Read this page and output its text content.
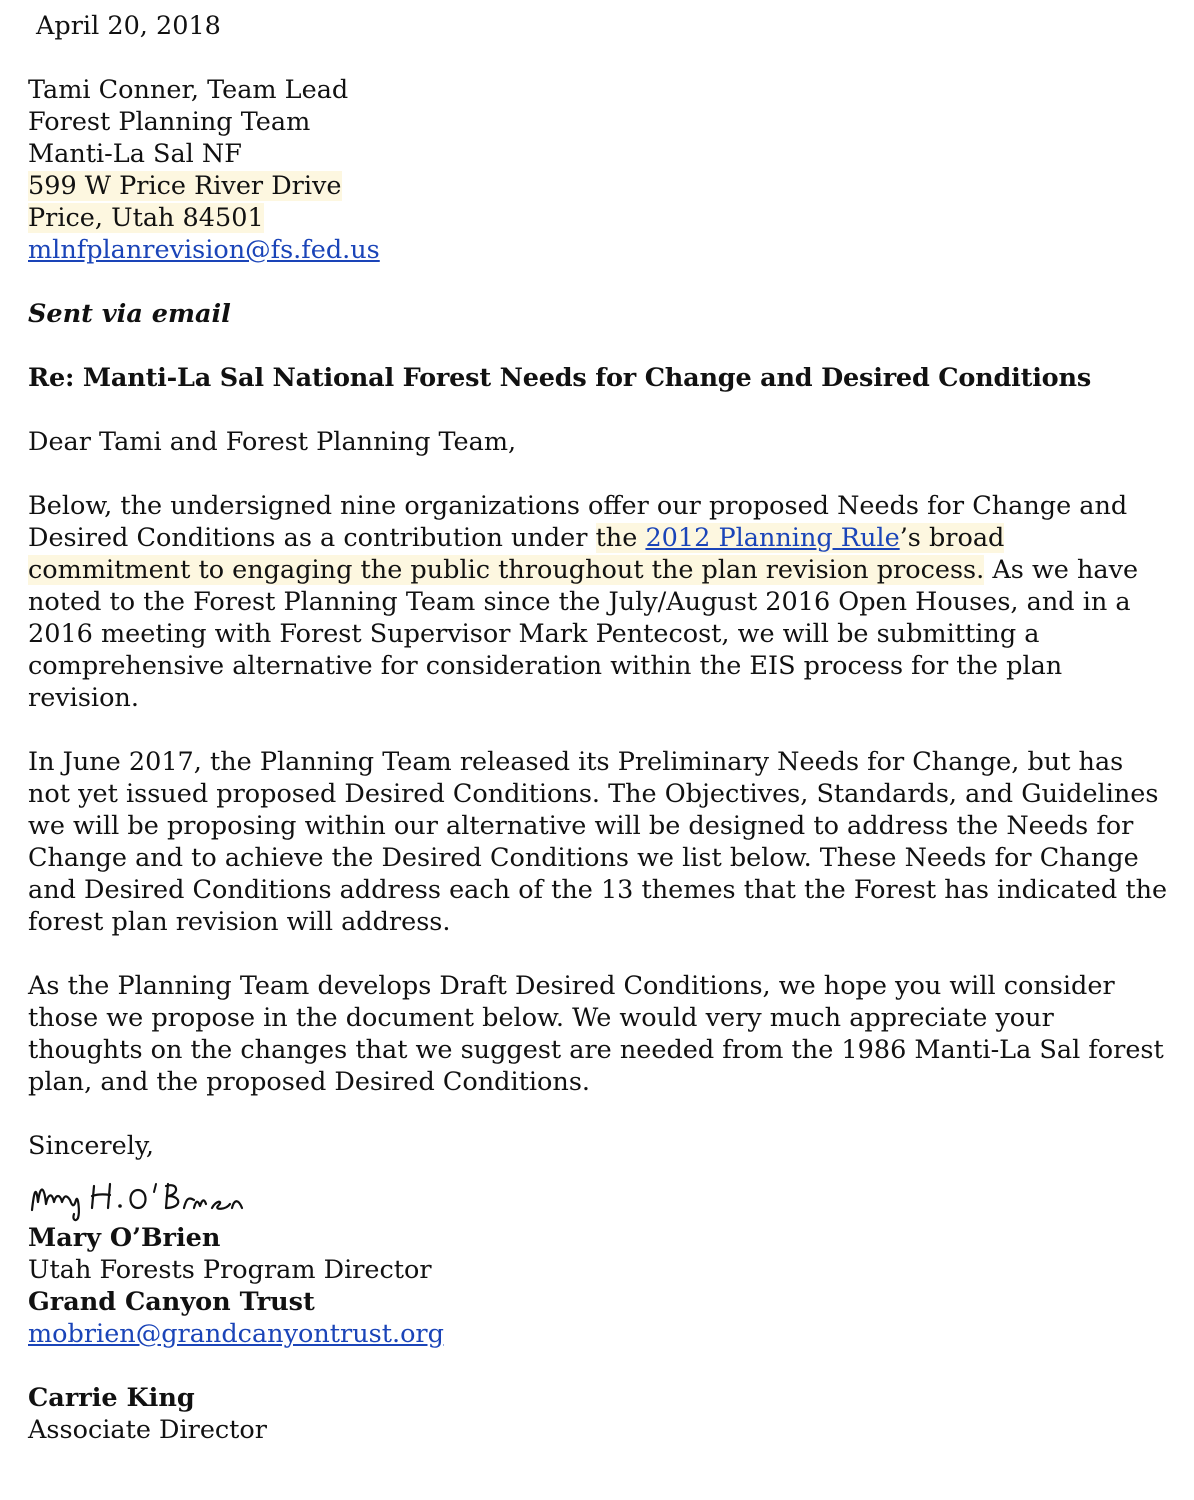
April 20, 2018
Tami Conner, Team Lead
Forest Planning Team
Manti-La Sal NF
599 W Price River Drive
Price, Utah 84501
mlnfplanrevision@fs.fed.us
Sent via email
Re: Manti-La Sal National Forest Needs for Change and Desired Conditions
Dear Tami and Forest Planning Team,

Below, the undersigned nine organizations offer our proposed Needs for Change and Desired Conditions as a contribution under the 2012 Planning Rule’s broad commitment to engaging the public throughout the plan revision process. As we have noted to the Forest Planning Team since the July/August 2016 Open Houses, and in a 2016 meeting with Forest Supervisor Mark Pentecost, we will be submitting a comprehensive alternative for consideration within the EIS process for the plan revision.

In June 2017, the Planning Team released its Preliminary Needs for Change, but has not yet issued proposed Desired Conditions. The Objectives, Standards, and Guidelines we will be proposing within our alternative will be designed to address the Needs for Change and to achieve the Desired Conditions we list below. These Needs for Change and Desired Conditions address each of the 13 themes that the Forest has indicated the forest plan revision will address.

As the Planning Team develops Draft Desired Conditions, we hope you will consider those we propose in the document below. We would very much appreciate your thoughts on the changes that we suggest are needed from the 1986 Manti-La Sal forest plan, and the proposed Desired Conditions.

Sincerely,
Mary O’Brien
Utah Forests Program Director
Grand Canyon Trust
mobrien@grandcanyontrust.org
Carrie King
Associate Director
